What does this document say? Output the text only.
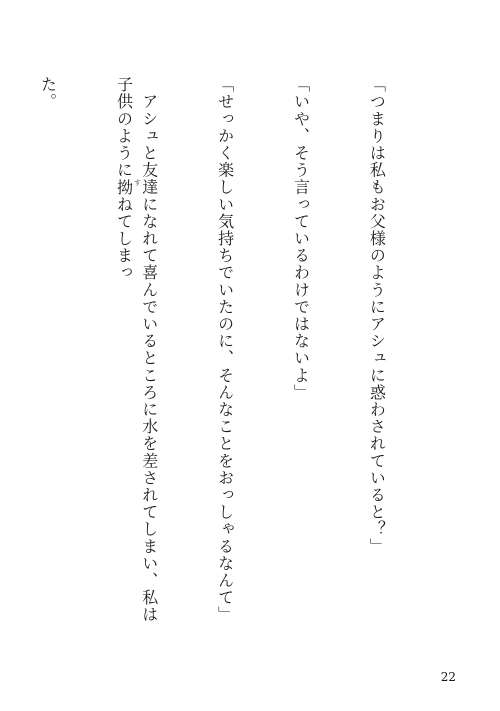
「つまりは私もお父様のようにアシュに惑わされていると？」

「いや、そう言っているわけではないよ」

「せっかく楽しい気持ちでいたのに、そんなことをおっしゃるなんて」

　アシュと友達になれて喜んでいるところに水を差されてしまい、私は子供のように拗 す
ねてしまっ

た。

22
